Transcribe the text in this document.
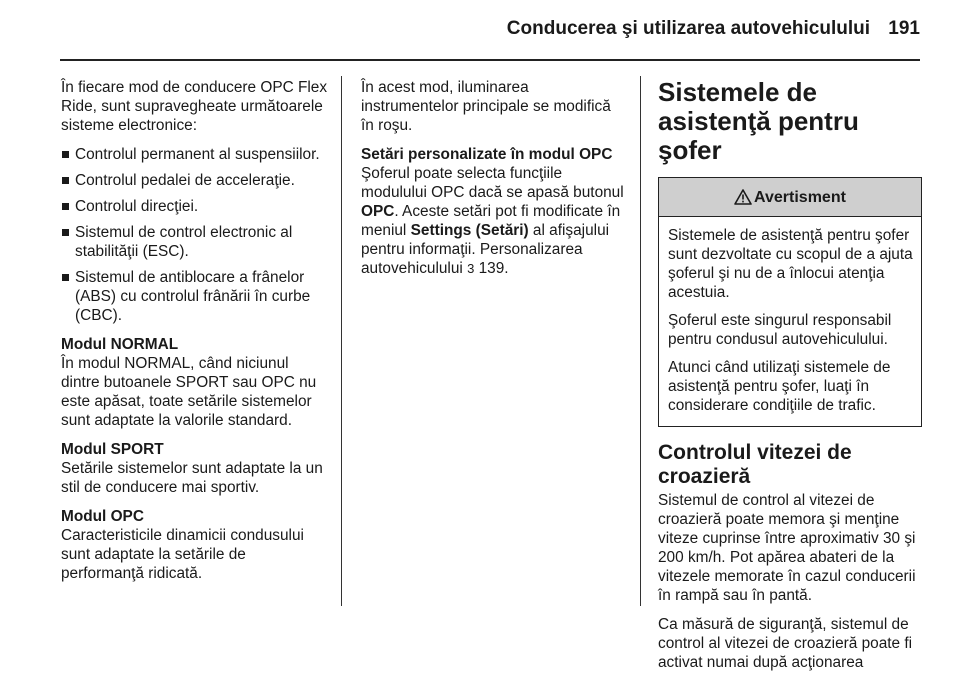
Conducerea şi utilizarea autovehiculului 191

În fiecare mod de conducere OPC Flex Ride, sunt supravegheate următoarele sisteme electronice:

Controlul permanent al suspensiilor.
Controlul pedalei de acceleraţie.
Controlul direcţiei.
Sistemul de control electronic al stabilităţii (ESC).
Sistemul de antiblocare a frânelor (ABS) cu controlul frânării în curbe (CBC).
Modul NORMAL

În modul NORMAL, când niciunul dintre butoanele SPORT sau OPC nu este apăsat, toate setările sistemelor sunt adaptate la valorile standard.

Modul SPORT

Setările sistemelor sunt adaptate la un stil de conducere mai sportiv.

Modul OPC

Caracteristicile dinamicii condusului sunt adaptate la setările de performanţă ridicată.

În acest mod, iluminarea instrumentelor principale se modifică în roşu.

Setări personalizate în modul OPC

Şoferul poate selecta funcţiile modulului OPC dacă se apasă butonul OPC. Aceste setări pot fi modificate în meniul Settings (Setări) al afişajului pentru informaţii. Personalizarea autovehiculului 3 139.

Sistemele de asistenţă pentru şofer
Avertisment

Sistemele de asistenţă pentru şofer sunt dezvoltate cu scopul de a ajuta şoferul şi nu de a înlocui atenţia acestuia.

Şoferul este singurul responsabil pentru condusul autovehiculului.

Atunci când utilizaţi sistemele de asistenţă pentru şofer, luaţi în considerare condiţiile de trafic.

Controlul vitezei de croazieră

Sistemul de control al vitezei de croazieră poate memora şi menţine viteze cuprinse între aproximativ 30 şi 200 km/h. Pot apărea abateri de la vitezele memorate în cazul conducerii în rampă sau în pantă.

Ca măsură de siguranţă, sistemul de control al vitezei de croazieră poate fi activat numai după acţionarea
